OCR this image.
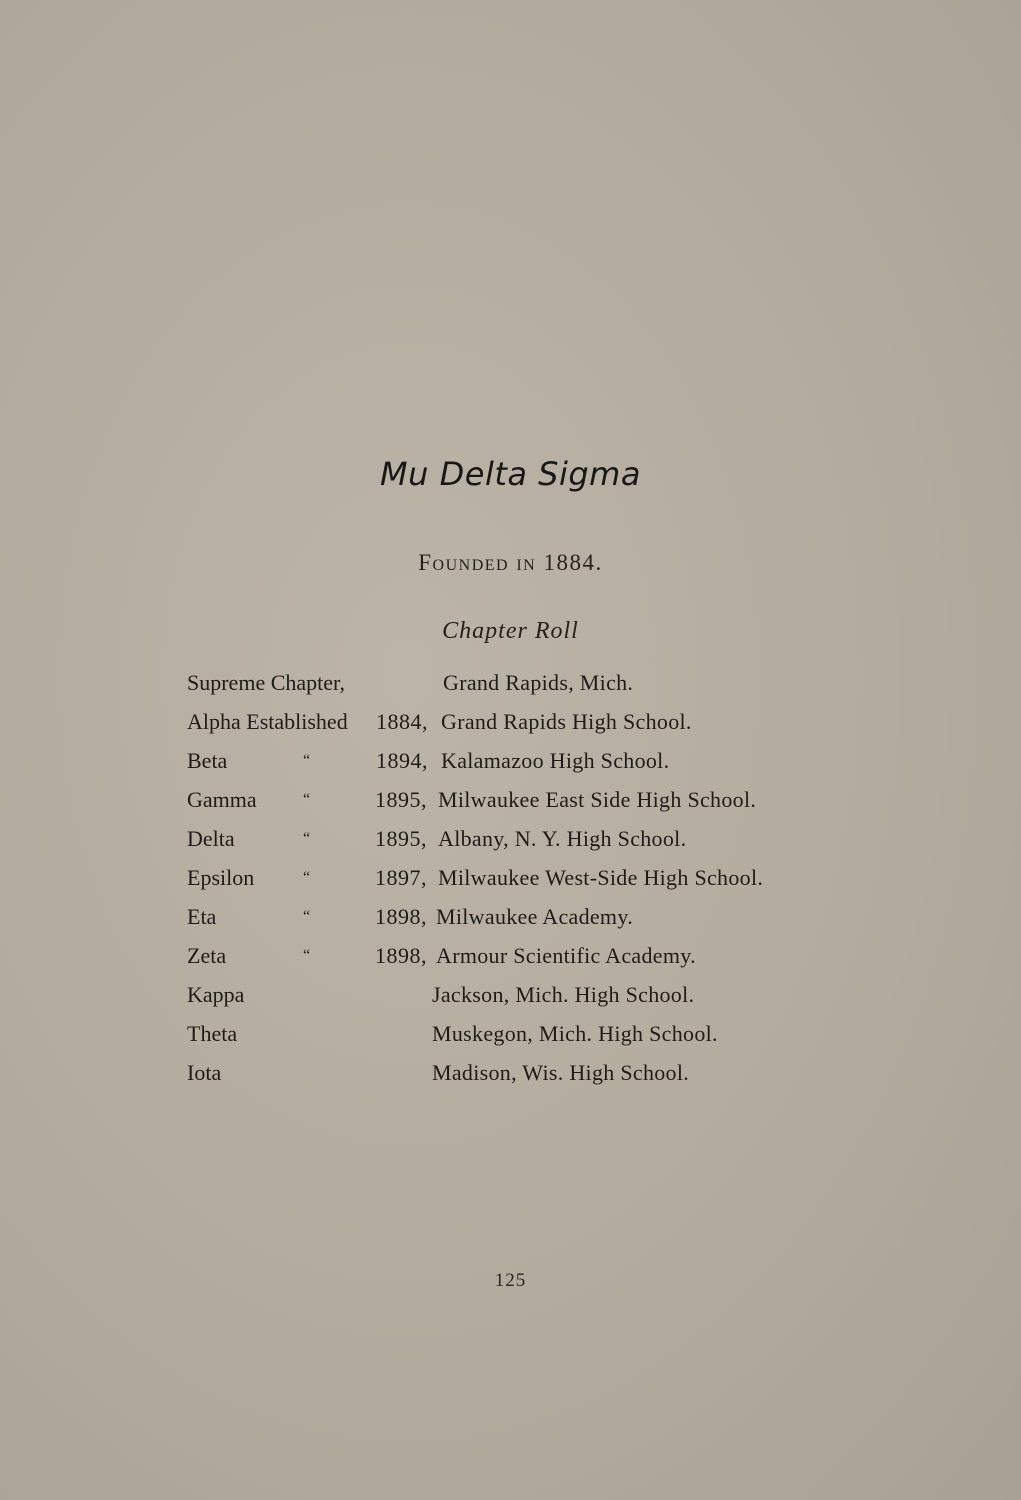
Mu Delta Sigma

Founded in 1884.

Chapter Roll

Supreme Chapter,	Grand Rapids, Mich.
Alpha Established 1884, Grand Rapids High School.
Beta	“	1894, Kalamazoo High School.
Gamma	“	1895, Milwaukee East Side High School.
Delta	“	1895, Albany, N. Y. High School.
Epsilon	“	1897, Milwaukee West-Side High School.
Eta	“	1898, Milwaukee Academy.
Zeta	“	1898, Armour Scientific Academy.
Kappa	Jackson, Mich. High School.
Theta	Muskegon, Mich. High School.
Iota	Madison, Wis. High School.

125
